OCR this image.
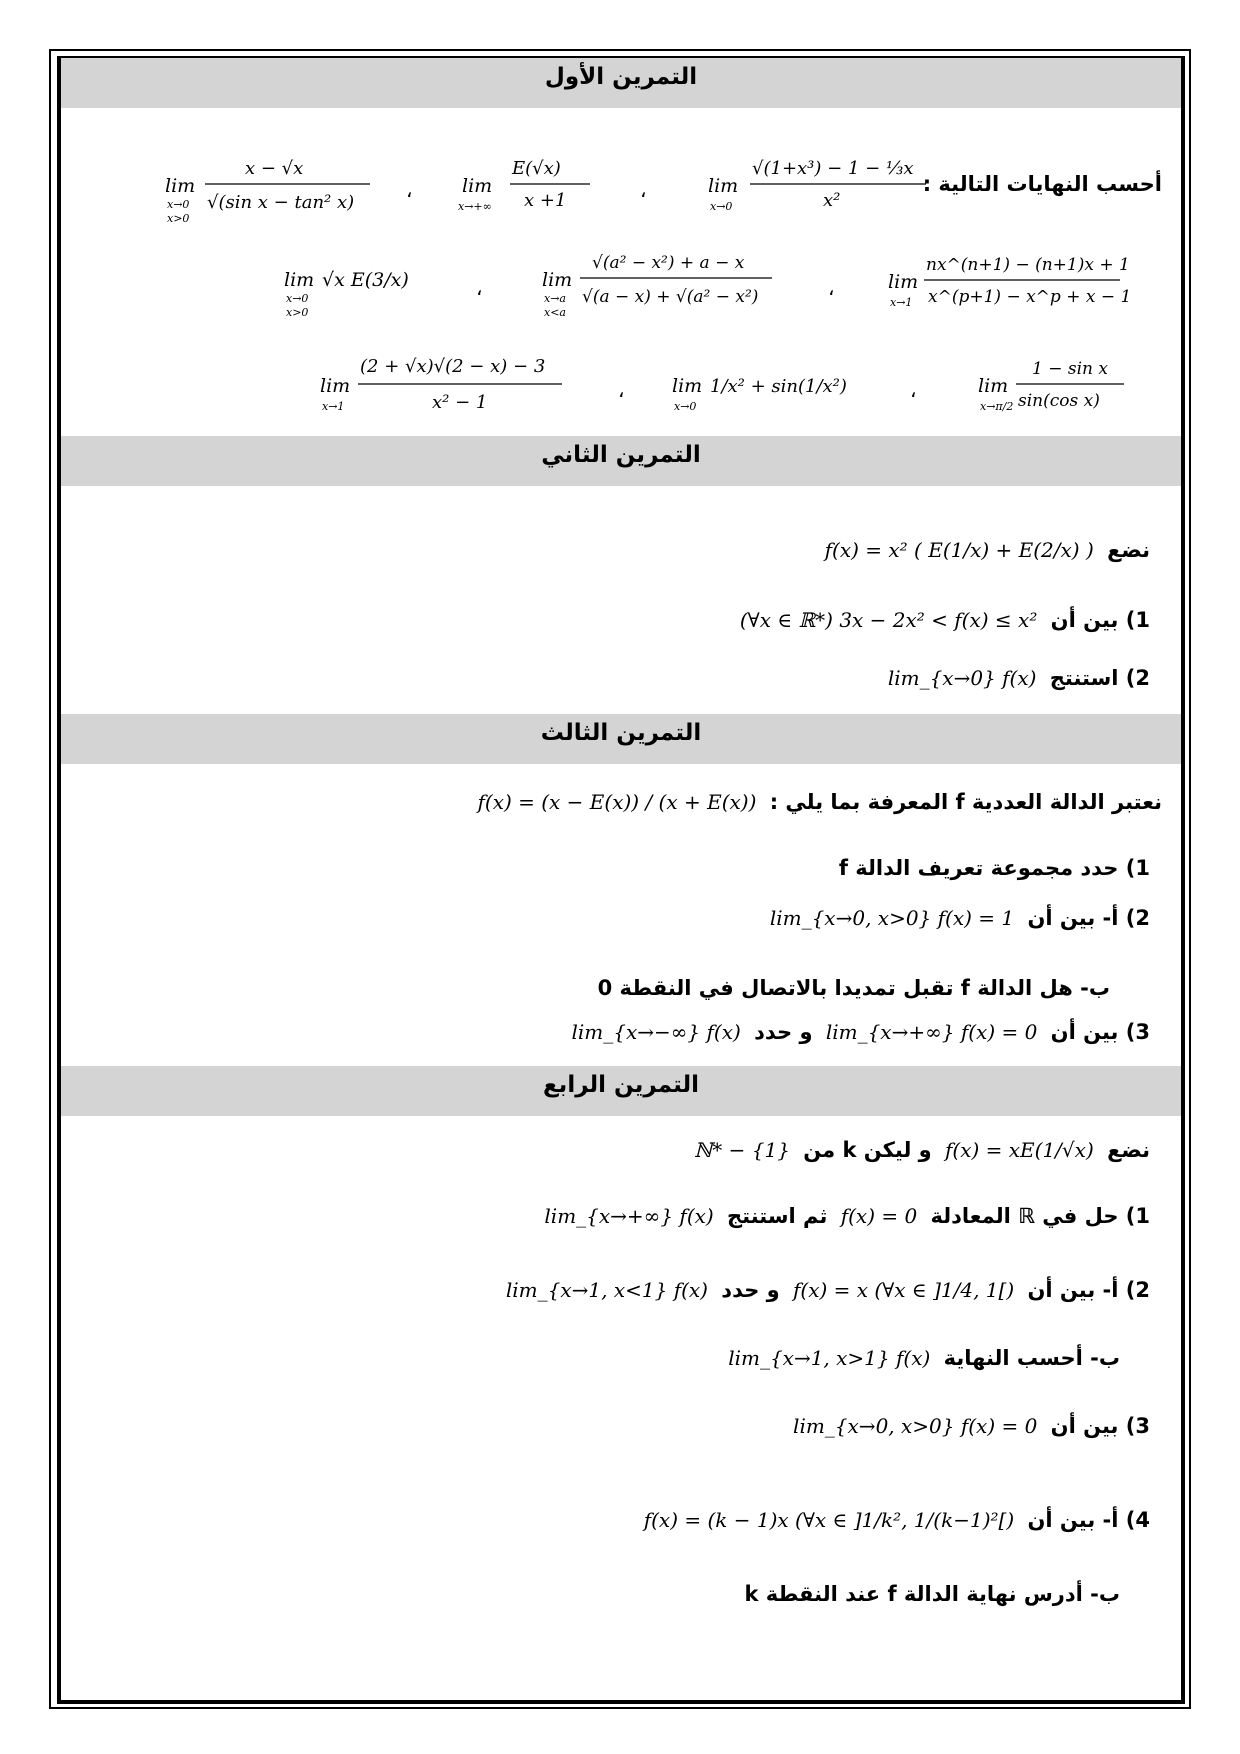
التمرين الأول
أحسب النهايات التالية :
lim
x→0
√(1+x³) − 1 − ⅓x
x²
،
lim
x→+∞
E(√x)
x +1
،
lim
x→0
x>0
x − √x
√(sin x − tan² x)
lim
x→1
nx^(n+1) − (n+1)x + 1
x^(p+1) − x^p + x − 1
،
lim
x→a
x<a
√(a² − x²) + a − x
√(a − x) + √(a² − x²)
،
lim
x→0
x>0
√x E(3/x)
lim
x→π/2
1 − sin x
sin(cos x)
،
lim
x→0
1/x² + sin(1/x²)
،
lim
x→1
(2 + √x)√(2 − x) − 3
x² − 1
التمرين الثاني
نضع f(x) = x² ( E(1/x) + E(2/x) )
1) بين أن (∀x ∈ ℝ*) 3x − 2x² < f(x) ≤ x²
2) استنتج lim_{x→0} f(x)
التمرين الثالث
نعتبر الدالة العددية f المعرفة بما يلي : f(x) = (x − E(x)) / (x + E(x))
1) حدد مجموعة تعريف الدالة f
2) أ- بين أن lim_{x→0, x>0} f(x) = 1
ب- هل الدالة f تقبل تمديدا بالاتصال في النقطة 0
3) بين أن lim_{x→+∞} f(x) = 0 و حدد lim_{x→−∞} f(x)
التمرين الرابع
نضع f(x) = xE(1/√x) و ليكن k من ℕ* − {1}
1) حل في ℝ المعادلة f(x) = 0 ثم استنتج lim_{x→+∞} f(x)
2) أ- بين أن f(x) = x (∀x ∈ ]1/4, 1[) و حدد lim_{x→1, x<1} f(x)
ب- أحسب النهاية lim_{x→1, x>1} f(x)
3) بين أن lim_{x→0, x>0} f(x) = 0
4) أ- بين أن f(x) = (k − 1)x (∀x ∈ ]1/k², 1/(k−1)²[)
ب- أدرس نهاية الدالة f عند النقطة k
